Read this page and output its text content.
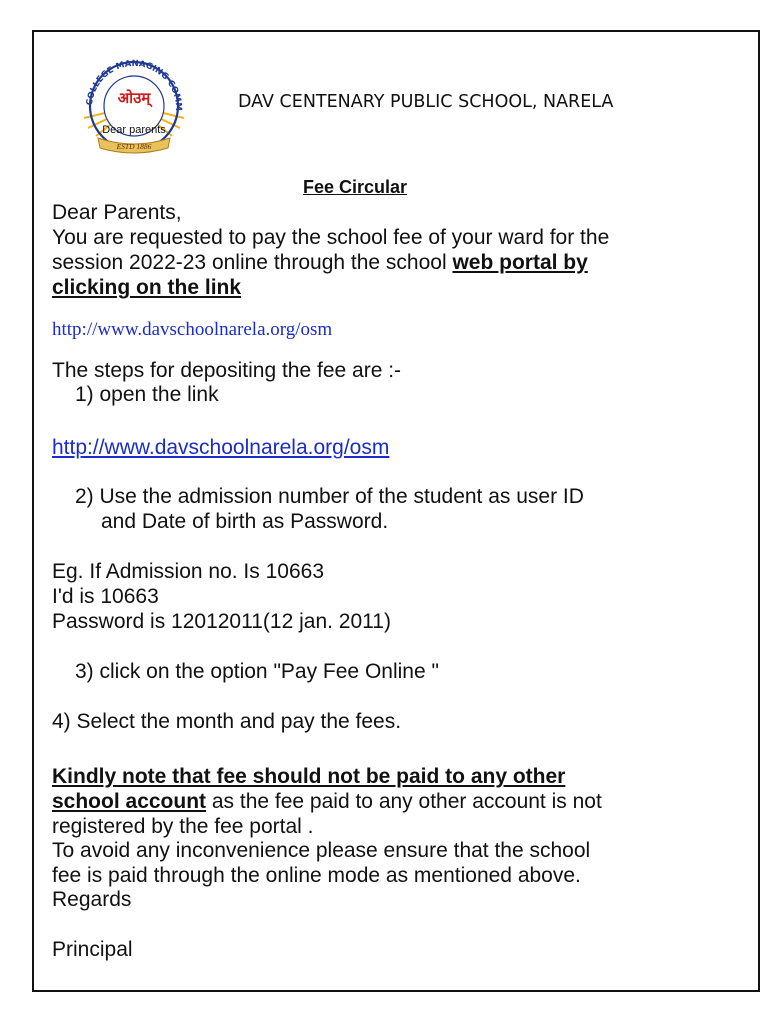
COLLEGE MANAGING COMM
ओउम्
Dear parents
ESTD 1886
DAV CENTENARY PUBLIC SCHOOL, NARELA
Fee Circular
Dear Parents,
You are requested to pay the school fee of your ward for the
session 2022-23 online through the school web portal by
clicking on the link
http://www.davschoolnarela.org/osm
The steps for depositing the fee are :-
1) open the link
http://www.davschoolnarela.org/osm
2) Use the admission number of the student as user ID
and Date of birth as Password.
Eg. If Admission no. Is 10663
I'd is 10663
Password is 12012011(12 jan. 2011)
3) click on the option "Pay Fee Online "
4) Select the month and pay the fees.
Kindly note that fee should not be paid to any other
school account as the fee paid to any other account is not
registered by the fee portal .
To avoid any inconvenience please ensure that the school
fee is paid through the online mode as mentioned above.
Regards
Principal
